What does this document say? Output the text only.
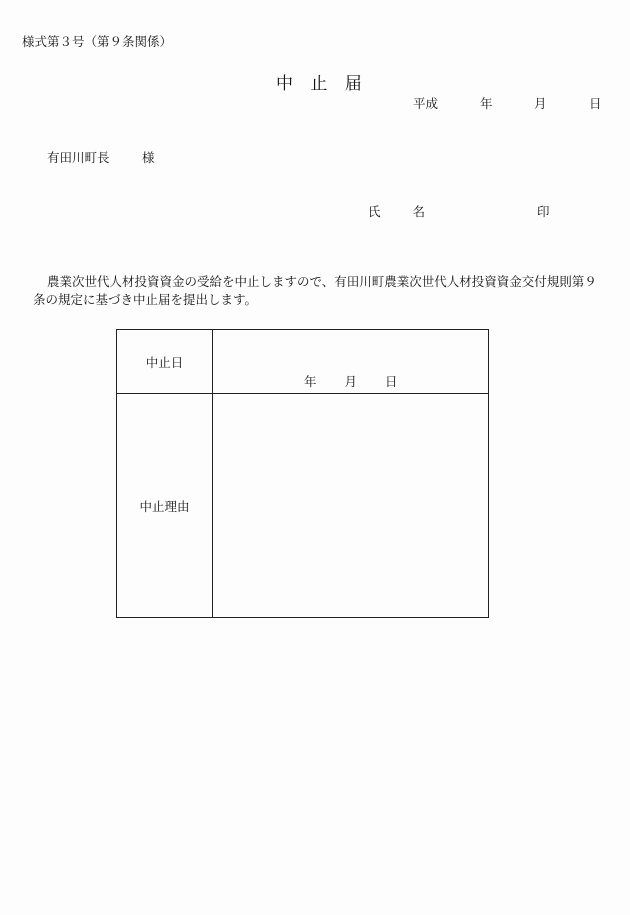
様式第３号（第９条関係）
中 止 届
平成	年	月	日
有田川町長	様
氏 名	印

農業次世代人材投資資金の受給を中止しますので、有田川町農業次世代人材投資資金交付規則第９条の規定に基づき中止届を提出します。

中止日	年 月 日

中止理由	
